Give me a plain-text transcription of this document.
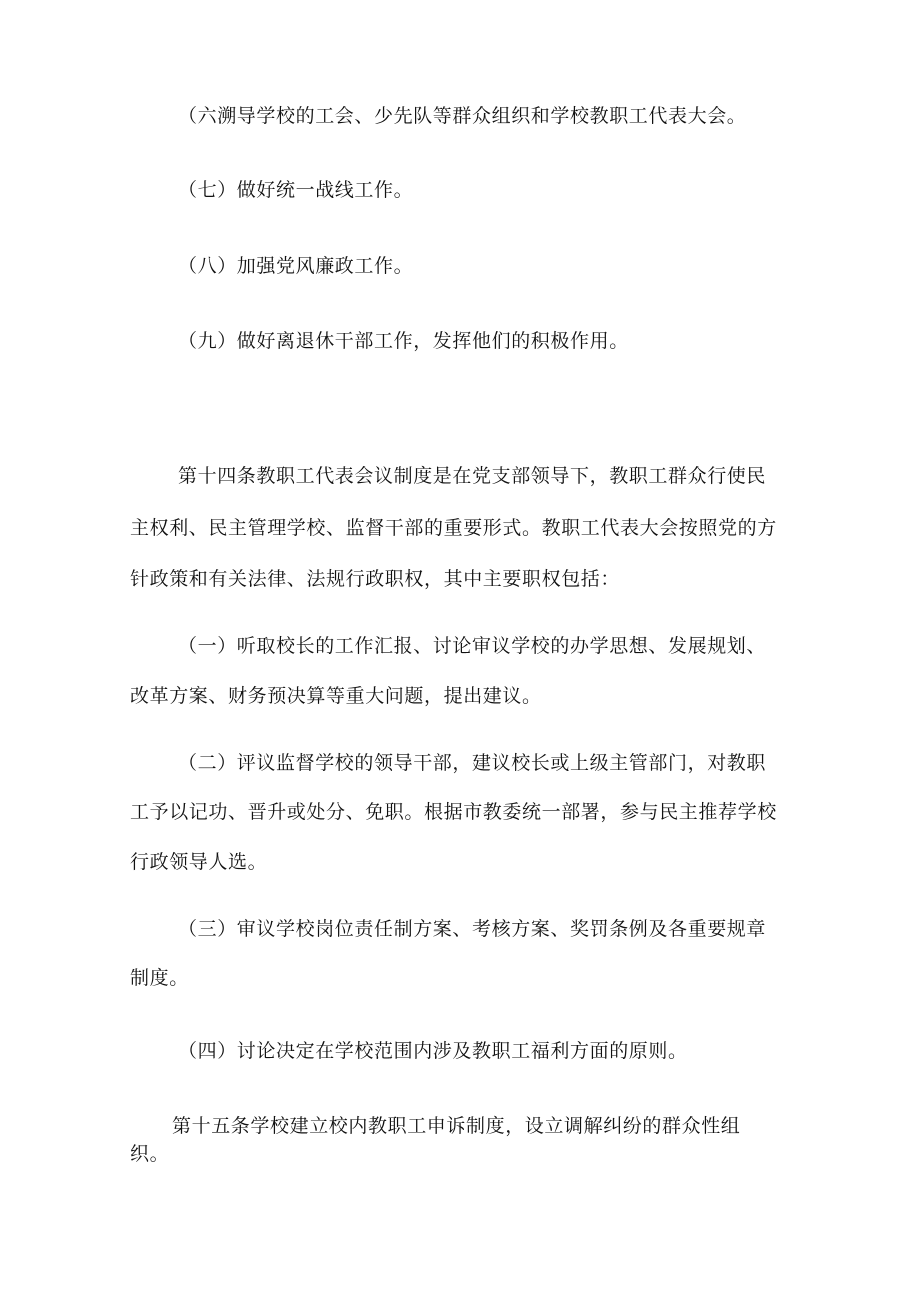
（六溯导学校的工会、少先队等群众组织和学校教职工代表大会。
（七）做好统一战线工作。
（八）加强党风廉政工作。
（九）做好离退休干部工作，发挥他们的积极作用。
第十四条教职工代表会议制度是在党支部领导下，教职工群众行使民
主权利、民主管理学校、监督干部的重要形式。教职工代表大会按照党的方
针政策和有关法律、法规行政职权，其中主要职权包括：
（一）听取校长的工作汇报、讨论审议学校的办学思想、发展规划、
改革方案、财务预决算等重大问题，提出建议。
（二）评议监督学校的领导干部，建议校长或上级主管部门，对教职
工予以记功、晋升或处分、免职。根据市教委统一部署，参与民主推荐学校
行政领导人选。
（三）审议学校岗位责任制方案、考核方案、奖罚条例及各重要规章
制度。
（四）讨论决定在学校范围内涉及教职工福利方面的原则。
第十五条学校建立校内教职工申诉制度，设立调解纠纷的群众性组
织。
